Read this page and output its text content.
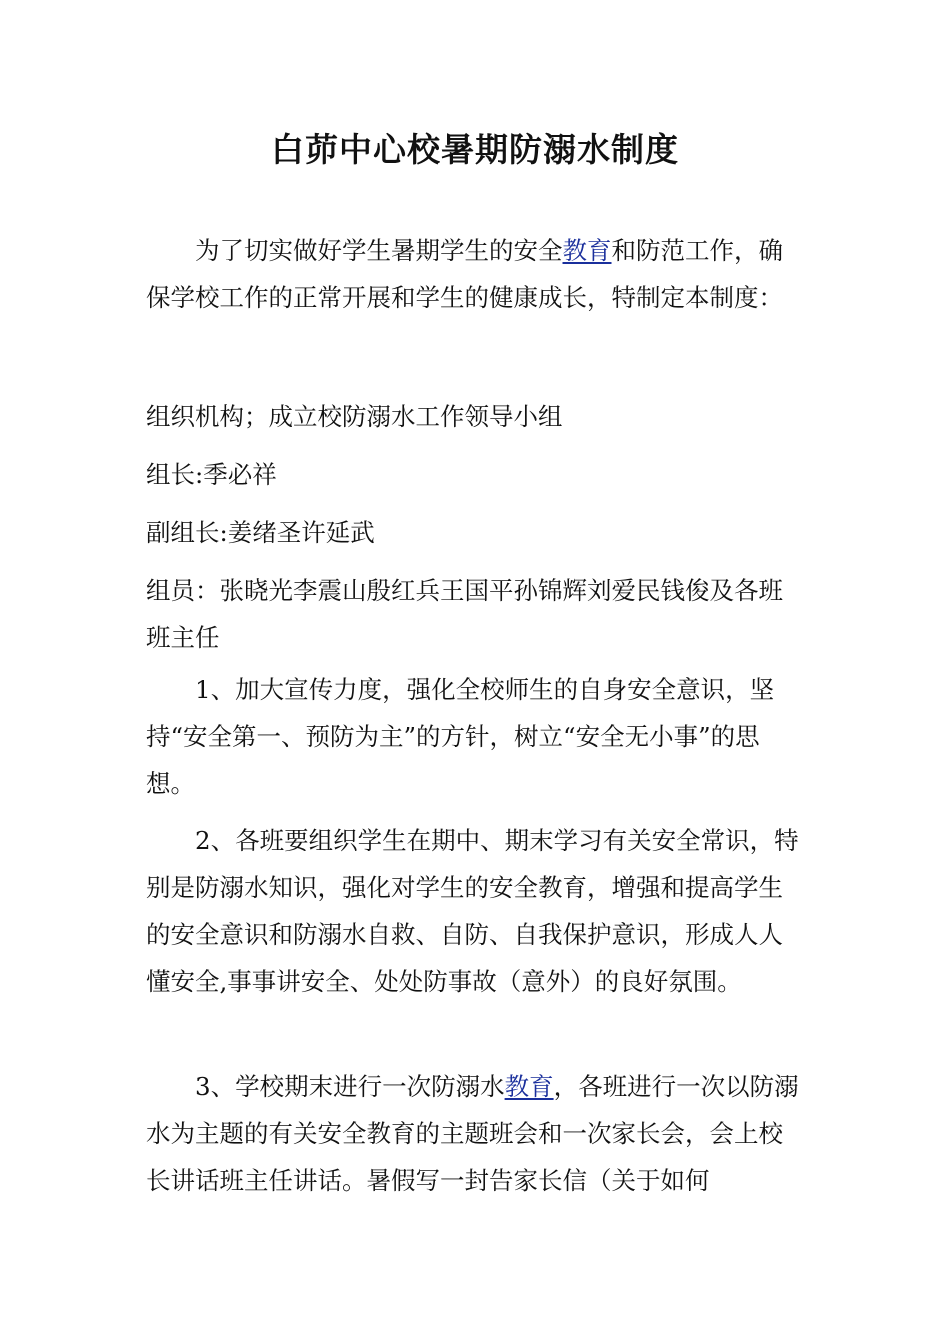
白茆中心校暑期防溺水制度

为了切实做好学生暑期学生的安全教育和防范工作，确保学校工作的正常开展和学生的健康成长，特制定本制度：

组织机构；成立校防溺水工作领导小组

组长:季必祥

副组长:姜绪圣许延武

组员：张晓光李震山殷红兵王国平孙锦辉刘爱民钱俊及各班班主任

1、加大宣传力度，强化全校师生的自身安全意识，坚持“安全第一、预防为主”的方针，树立“安全无小事”的思想。

2、各班要组织学生在期中、期末学习有关安全常识，特别是防溺水知识，强化对学生的安全教育，增强和提高学生的安全意识和防溺水自救、自防、自我保护意识，形成人人懂安全,事事讲安全、处处防事故（意外）的良好氛围。

3、学校期末进行一次防溺水教育，各班进行一次以防溺水为主题的有关安全教育的主题班会和一次家长会，会上校长讲话班主任讲话。暑假写一封告家长信（关于如何
